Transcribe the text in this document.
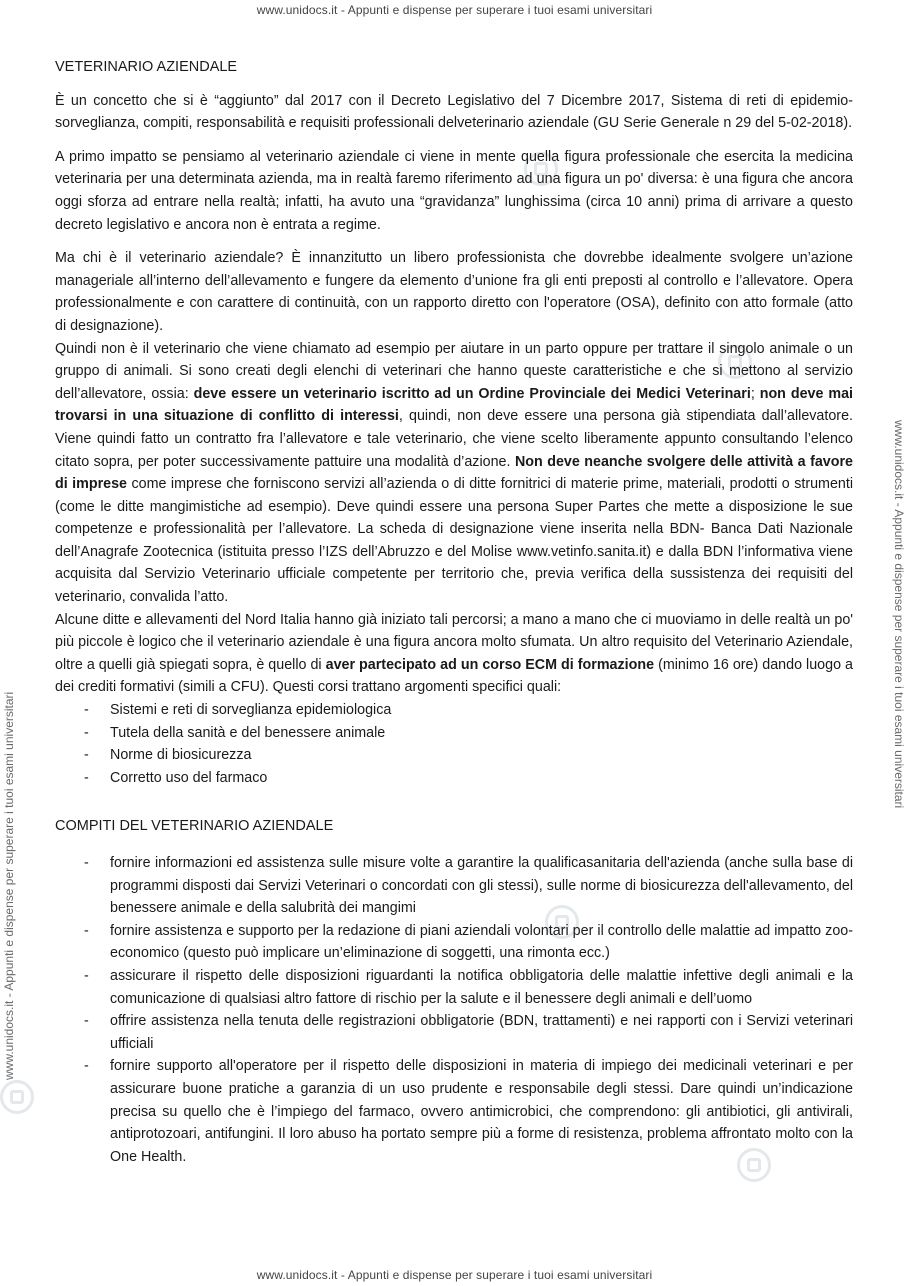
www.unidocs.it - Appunti e dispense per superare i tuoi esami universitari
www.unidocs.it - Appunti e dispense per superare i tuoi esami universitari
www.unidocs.it - Appunti e dispense per superare i tuoi esami universitari
www.unidocs.it - Appunti e dispense per superare i tuoi esami universitari

VETERINARIO AZIENDALE

È un concetto che si è “aggiunto” dal 2017 con il Decreto Legislativo del 7 Dicembre 2017, Sistema di reti di epidemio-sorveglianza, compiti, responsabilità e requisiti professionali delveterinario aziendale (GU Serie Generale n 29 del 5-02-2018).

A primo impatto se pensiamo al veterinario aziendale ci viene in mente quella figura professionale che esercita la medicina veterinaria per una determinata azienda, ma in realtà faremo riferimento ad una figura un po' diversa: è una figura che ancora oggi sforza ad entrare nella realtà; infatti, ha avuto una “gravidanza” lunghissima (circa 10 anni) prima di arrivare a questo decreto legislativo e ancora non è entrata a regime.

Ma chi è il veterinario aziendale? È innanzitutto un libero professionista che dovrebbe idealmente svolgere un’azione manageriale all’interno dell’allevamento e fungere da elemento d’unione fra gli enti preposti al controllo e l’allevatore. Opera professionalmente e con carattere di continuità, con un rapporto diretto con l'operatore (OSA), definito con atto formale (atto di designazione).

Quindi non è il veterinario che viene chiamato ad esempio per aiutare in un parto oppure per trattare il singolo animale o un gruppo di animali. Si sono creati degli elenchi di veterinari che hanno queste caratteristiche e che si mettono al servizio dell’allevatore, ossia: deve essere un veterinario iscritto ad un Ordine Provinciale dei Medici Veterinari; non deve mai trovarsi in una situazione di conflitto di interessi, quindi, non deve essere una persona già stipendiata dall’allevatore. Viene quindi fatto un contratto fra l’allevatore e tale veterinario, che viene scelto liberamente appunto consultando l’elenco citato sopra, per poter successivamente pattuire una modalità d’azione. Non deve neanche svolgere delle attività a favore di imprese come imprese che forniscono servizi all’azienda o di ditte fornitrici di materie prime, materiali, prodotti o strumenti (come le ditte mangimistiche ad esempio). Deve quindi essere una persona Super Partes che mette a disposizione le sue competenze e professionalità per l’allevatore. La scheda di designazione viene inserita nella BDN- Banca Dati Nazionale dell’Anagrafe Zootecnica (istituita presso l’IZS dell’Abruzzo e del Molise www.vetinfo.sanita.it) e dalla BDN l’informativa viene acquisita dal Servizio Veterinario ufficiale competente per territorio che, previa verifica della sussistenza dei requisiti del veterinario, convalida l’atto.

Alcune ditte e allevamenti del Nord Italia hanno già iniziato tali percorsi; a mano a mano che ci muoviamo in delle realtà un po' più piccole è logico che il veterinario aziendale è una figura ancora molto sfumata. Un altro requisito del Veterinario Aziendale, oltre a quelli già spiegati sopra, è quello di aver partecipato ad un corso ECM di formazione (minimo 16 ore) dando luogo a dei crediti formativi (simili a CFU). Questi corsi trattano argomenti specifici quali:

- Sistemi e reti di sorveglianza epidemiologica
- Tutela della sanità e del benessere animale
- Norme di biosicurezza
- Corretto uso del farmaco

COMPITI DEL VETERINARIO AZIENDALE

- fornire informazioni ed assistenza sulle misure volte a garantire la qualificasanitaria dell'azienda (anche sulla base di programmi disposti dai Servizi Veterinari o concordati con gli stessi), sulle norme di biosicurezza dell'allevamento, del benessere animale e della salubrità dei mangimi
- fornire assistenza e supporto per la redazione di piani aziendali volontari per il controllo delle malattie ad impatto zoo-economico (questo può implicare un’eliminazione di soggetti, una rimonta ecc.)
- assicurare il rispetto delle disposizioni riguardanti la notifica obbligatoria delle malattie infettive degli animali e la comunicazione di qualsiasi altro fattore di rischio per la salute e il benessere degli animali e dell’uomo
- offrire assistenza nella tenuta delle registrazioni obbligatorie (BDN, trattamenti) e nei rapporti con i Servizi veterinari ufficiali
- fornire supporto all'operatore per il rispetto delle disposizioni in materia di impiego dei medicinali veterinari e per assicurare buone pratiche a garanzia di un uso prudente e responsabile degli stessi. Dare quindi un’indicazione precisa su quello che è l’impiego del farmaco, ovvero antimicrobici, che comprendono: gli antibiotici, gli antivirali, antiprotozoari, antifungini. Il loro abuso ha portato sempre più a forme di resistenza, problema affrontato molto con la One Health.
